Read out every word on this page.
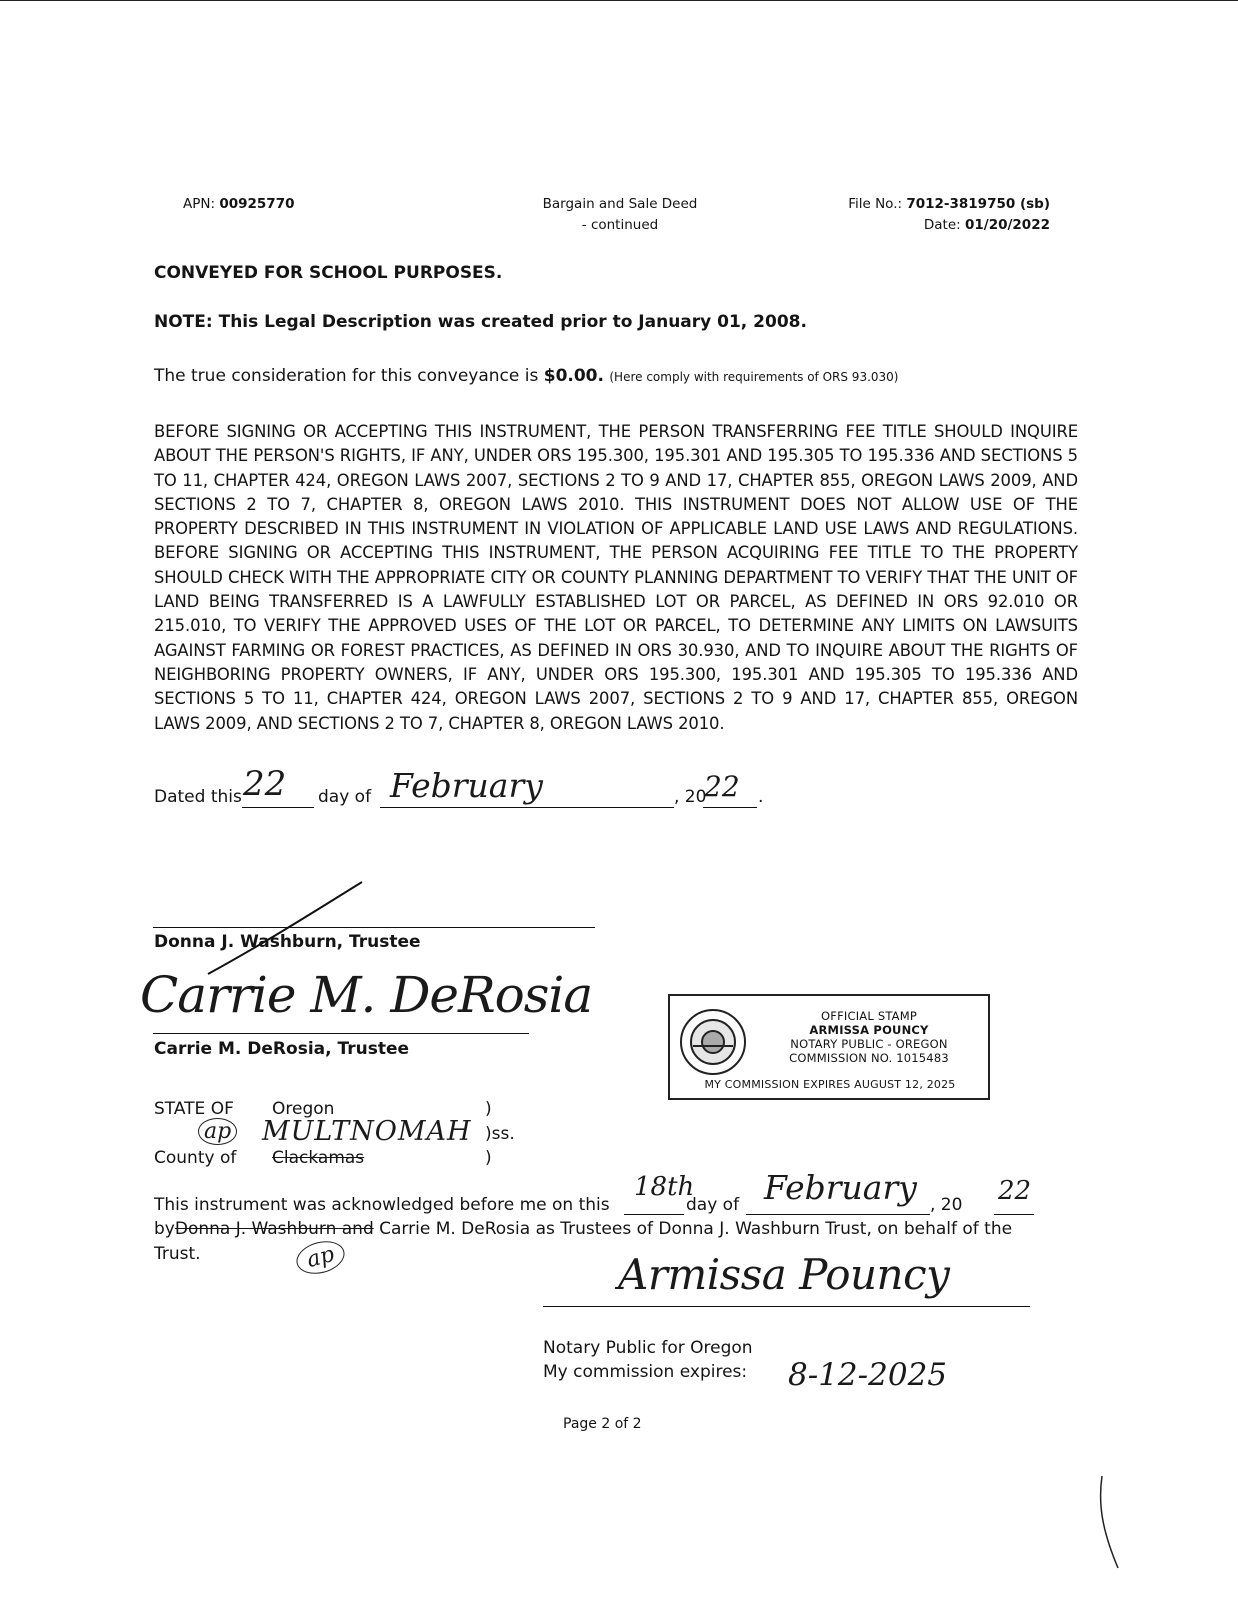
APN: 00925770	Bargain and Sale Deed
- continued
File No.: 7012-3819750 (sb)
Date: 01/20/2022
CONVEYED FOR SCHOOL PURPOSES.
NOTE: This Legal Description was created prior to January 01, 2008.
The true consideration for this conveyance is $0.00. (Here comply with requirements of ORS 93.030)
BEFORE SIGNING OR ACCEPTING THIS INSTRUMENT, THE PERSON TRANSFERRING FEE TITLE SHOULD INQUIRE ABOUT THE PERSON'S RIGHTS, IF ANY, UNDER ORS 195.300, 195.301 AND 195.305 TO 195.336 AND SECTIONS 5 TO 11, CHAPTER 424, OREGON LAWS 2007, SECTIONS 2 TO 9 AND 17, CHAPTER 855, OREGON LAWS 2009, AND SECTIONS 2 TO 7, CHAPTER 8, OREGON LAWS 2010. THIS INSTRUMENT DOES NOT ALLOW USE OF THE PROPERTY DESCRIBED IN THIS INSTRUMENT IN VIOLATION OF APPLICABLE LAND USE LAWS AND REGULATIONS. BEFORE SIGNING OR ACCEPTING THIS INSTRUMENT, THE PERSON ACQUIRING FEE TITLE TO THE PROPERTY SHOULD CHECK WITH THE APPROPRIATE CITY OR COUNTY PLANNING DEPARTMENT TO VERIFY THAT THE UNIT OF LAND BEING TRANSFERRED IS A LAWFULLY ESTABLISHED LOT OR PARCEL, AS DEFINED IN ORS 92.010 OR 215.010, TO VERIFY THE APPROVED USES OF THE LOT OR PARCEL, TO DETERMINE ANY LIMITS ON LAWSUITS AGAINST FARMING OR FOREST PRACTICES, AS DEFINED IN ORS 30.930, AND TO INQUIRE ABOUT THE RIGHTS OF NEIGHBORING PROPERTY OWNERS, IF ANY, UNDER ORS 195.300, 195.301 AND 195.305 TO 195.336 AND SECTIONS 5 TO 11, CHAPTER 424, OREGON LAWS 2007, SECTIONS 2 TO 9 AND 17, CHAPTER 855, OREGON LAWS 2009, AND SECTIONS 2 TO 7, CHAPTER 8, OREGON LAWS 2010.
Dated this 22 day of February	, 20
22 .
Donna J. Washburn, Trustee
Carrie M. DeRosia
Carrie M. DeRosia, Trustee
OFFICIAL STAMP
ARMISSA POUNCY
NOTARY PUBLIC - OREGON
COMMISSION NO. 1015483
MY COMMISSION EXPIRES AUGUST 12, 2025
STATE OF Oregon	)
ap MULTNOMAH )ss.
County of Clackamas	)
This instrument was acknowledged before me on this
18th
day of February , 20 22
byDonna J. Washburn and Carrie M. DeRosia as Trustees of Donna J. Washburn Trust, on behalf of the
Trust.	ap	Armissa Pouncy
Notary Public for Oregon
My commission expires: 8-12-2025
Page 2 of 2
